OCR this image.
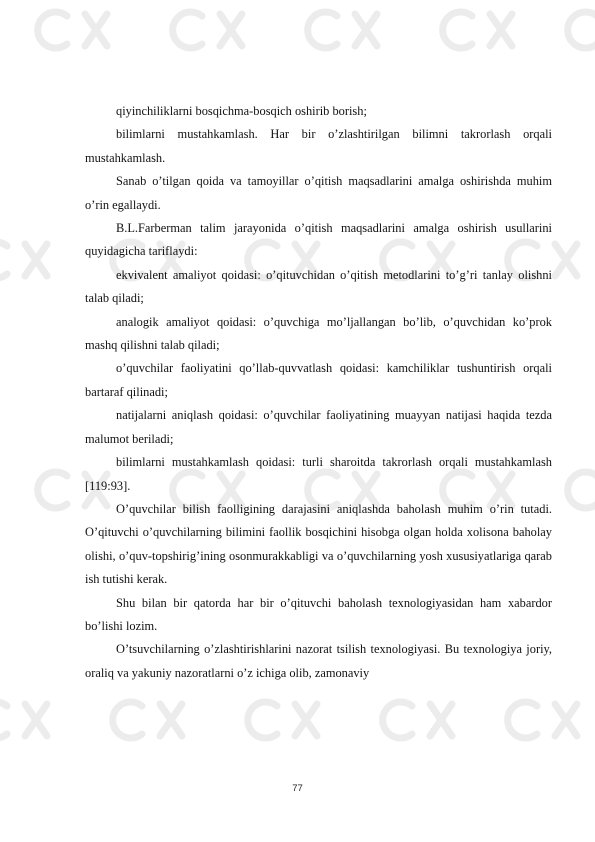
qiyinchiliklarni bosqichma-bosqich oshirib borish;

bilimlarni mustahkamlash. Har bir o’zlashtirilgan bilimni takrorlash orqali mustahkamlash.

Sanab o’tilgan qoida va tamoyillar o’qitish maqsadlarini amalga oshirishda muhim o’rin egallaydi.

B.L.Farberman talim jarayonida o’qitish maqsadlarini amalga oshirish usullarini quyidagicha tariflaydi:

ekvivalent amaliyot qoidasi: o’qituvchidan o’qitish metodlarini to’g’ri tanlay olishni talab qiladi;

analogik amaliyot qoidasi: o’quvchiga mo’ljallangan bo’lib, o’quvchidan ko’prok mashq qilishni talab qiladi;

o’quvchilar faoliyatini qo’llab-quvvatlash qoidasi: kamchiliklar tushuntirish orqali bartaraf qilinadi;

natijalarni aniqlash qoidasi: o’quvchilar faoliyatining muayyan natijasi haqida tezda malumot beriladi;

bilimlarni mustahkamlash qoidasi: turli sharoitda takrorlash orqali mustahkamlash [119:93].

O’quvchilar bilish faolligining darajasini aniqlashda baholash muhim o’rin tutadi. O’qituvchi o’quvchilarning bilimini faollik bosqichini hisobga olgan holda xolisona baholay olishi, o’quv-topshirig’ining osonmurakkabligi va o’quvchilarning yosh xususiyatlariga qarab ish tutishi kerak.

Shu bilan bir qatorda har bir o’qituvchi baholash texnologiyasidan ham xabardor bo’lishi lozim.

O’tsuvchilarning o’zlashtirishlarini nazorat tsilish texnologiyasi. Bu texnologiya joriy, oraliq va yakuniy nazoratlarni o’z ichiga olib, zamonaviy

77
